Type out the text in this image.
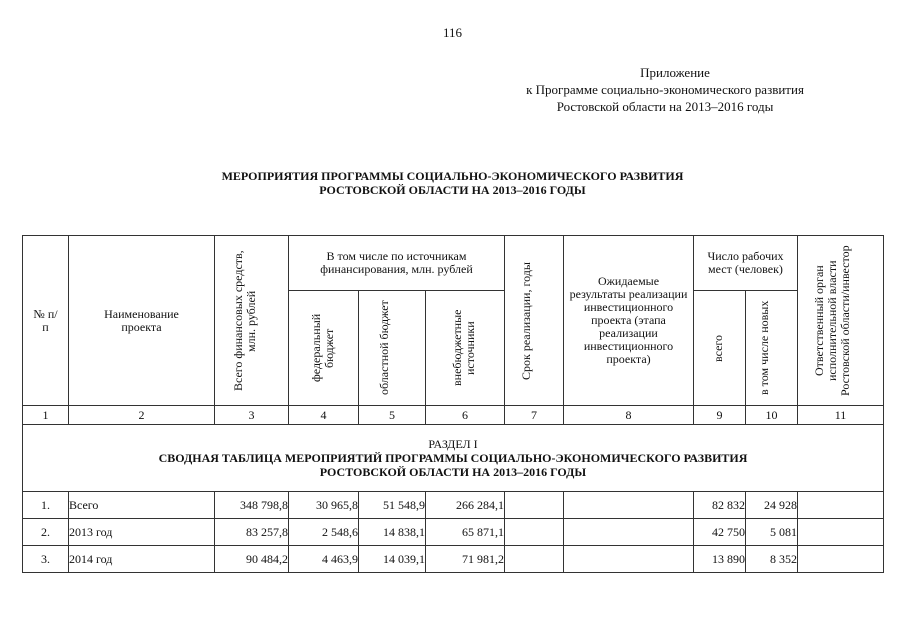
116
Приложение
к Программе социально-экономического развития
Ростовской области на 2013–2016 годы
МЕРОПРИЯТИЯ ПРОГРАММЫ СОЦИАЛЬНО-ЭКОНОМИЧЕСКОГО РАЗВИТИЯ
РОСТОВСКОЙ ОБЛАСТИ НА 2013–2016 ГОДЫ
№ п/п	Наименование проекта	Всего финансовых средств, млн. рублей	В том числе по источникам финансирования, млн. рублей			Срок реализации, годы	Ожидаемые результаты реализации инвестиционного проекта (этапа реализации инвестиционного проекта)	Число рабочих мест (человек)		Ответственный орган исполнительной власти Ростовской области/инвестор

			федеральный бюджет	областной бюджет	внебюджетные источники			всего	в том числе новых	

1	2	3	4	5	6	7	8	9	10	11

РАЗДЕЛ I
СВОДНАЯ ТАБЛИЦА МЕРОПРИЯТИЙ ПРОГРАММЫ СОЦИАЛЬНО-ЭКОНОМИЧЕСКОГО РАЗВИТИЯ
РОСТОВСКОЙ ОБЛАСТИ НА 2013–2016 ГОДЫ										

1.	Всего	348 798,8	30 965,8	51 548,9	266 284,1			82 832	24 928	
2.	2013 год	83 257,8	2 548,6	14 838,1	65 871,1			42 750	5 081	
3.	2014 год	90 484,2	4 463,9	14 039,1	71 981,2			13 890	8 352	
